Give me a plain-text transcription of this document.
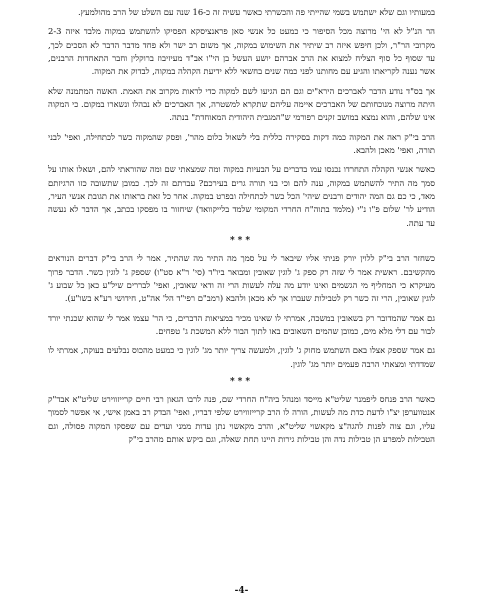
במעותיו וגם שלא ישתמש בשמי שהייתי פה והכשרתי כאשר עשיה זה כ-16 שנה עם השלט של הרב מהולמעץ.

הר הנ"ל לא הי' מרוצה מכל הסיפור כי כמעט כל אנשי סאן פראנציסקא הפסיקו להשתמש במקוה מלבד איזה 2-3 מקרובי הר"ר, ולכן חיפש איזה רב שיתיר את השימוש במקוה, אך משום רב ישר ולא פחד מדבר הדבר לא הסכים לכך, עד שסוף כל סוף הצליח למצוא את הרב אברהם יושע העשל בן הי"ו אב"ד מעיזיבוז ברוקלין וחבר התאחדות הרבנים, אשר נענה לקריאתו והגיע עם מחותנו לפני כמה שנים בחשאי ללא ידיעת הקהלה במקוה, לבדוק את המקוה.

אך בס"ד נודע הדבר לאברכים הירא"ים וגם הם הגיעו לשם למקוה כדי לראות מקרוב את האמת. האשה המתמנה שלא היתה מרוצה מנוכחותם של האברכים איימה עליהם שתקרא למשטרה, אך האברכים לא נבהלו ונשארו במקום. כי המקוה אינו שלהם, והוא נמצא במושב זקנים רפורמי ש"המגבית היהודית המאוחדת" בנתה.

הרב בי"ק ראה את המקוה כמה דקות בסקירה כללית בלי לשאול כלום מהר', ופסק שהמקוה כשר לכתחילה, ואפי' לבני תורה, ואפי' מאכן ולהבא.

כאשר אנשי הקהלה התחרדו נכנסו עמו בדברים על הבעיות במקוה ומה שמצאתי שם ומה שהוראתי להם, ושאלו אותו על סמך מה התיר להשתמש במקוה, ענה להם וכי בני תורה גרים בעירכם? עברתם זה לכך. כמובן שתשובה כזו הרגיזתם מאד, כי כם גם המה יהודים ורבנים שיהי' הכל כשר לכתחילה ובפרט במקוה. אחר כל זאת בראותו את תגובת אנשי העיר, הודיע לר' שלום פ"ו נ"י (מלמד בתוה"ח החרדי המקומי שלמד בלייקוואד) שיחזור בו מפסקו בכתב, אך הדבר לא נעשה עד עתה.

***

כשחזר הרב בי"ק ללוין יורק פניתי אליו שיבאר לי על סמך מה התיר מה שהתיר, אמר לי הרב בי"ק דברים הנוראים מהקשיבם. ראשית אמר לי שזה רק ספק ג' לוגין שאובין ומבואר ביו"ד (סי' ר"א סט"ו) שספק ג' לוגין כשר. הדבר פרוך מעיקרא כי המחליף מי הגשמים ואינו יודע מה עלה לעשות הרי זה ודאי שאובין, ואפי' לבררים שיל"ע כאן כל שבוע ג' לוגין שאובין, הרי זה כשר רק לטבילות שעברו אך לא מכאן ולהבא (רמב"ם רפי"ד הל' אה"ט, חידושי רע"א בשו"ע).

גם אמר שהמדובר רק בשאובין במשכה, אמרתי לו שאינו מכיר במציאות הדברים, כי הר' עצמו אמר לי שהוא שכנתי יורד לבור עם דלי מלא מים, כמובן שהמים השאובים באו לתוך הבור ללא המשכת ג' טפחים.

גם אמר שספק אצלו באם השתמש מחוק ג' לוגין, ולמעשה צריך יותר מג' לוגין כי כמעט מהכוס נבלעים בעוקה, אמרתי לו שמדדתי ומצאתי הרבה פעמים יותר מג' לוגין.

***

כאשר הרב פנחס ליפמנר שליט"א מייסד ומנהל ביה"ח החרדי שם, פנה לרבו הגאון רבי חיים קרייזווירט שליט"א אבד"ק אנטווערפן יצ"ו לדעת כדת מה לעשות, הורה לו הרב קרייזווירט שלפי דבריו, ואפי' הבדק רב באמן אישי, אי אפשר לסמוך עליו, וגם צוה לפנות להגה"צ מקאשוי שליט"א, והרב מקאשוי נתן עדות ממני ועדים עם שפסקו המקוה פסולה, וגם הטבילות למפרע הן טבילות נדה והן טבילות גירות היינו תחת שאלה, וגם ביקש אותם מהרב בי"ק

-4-
